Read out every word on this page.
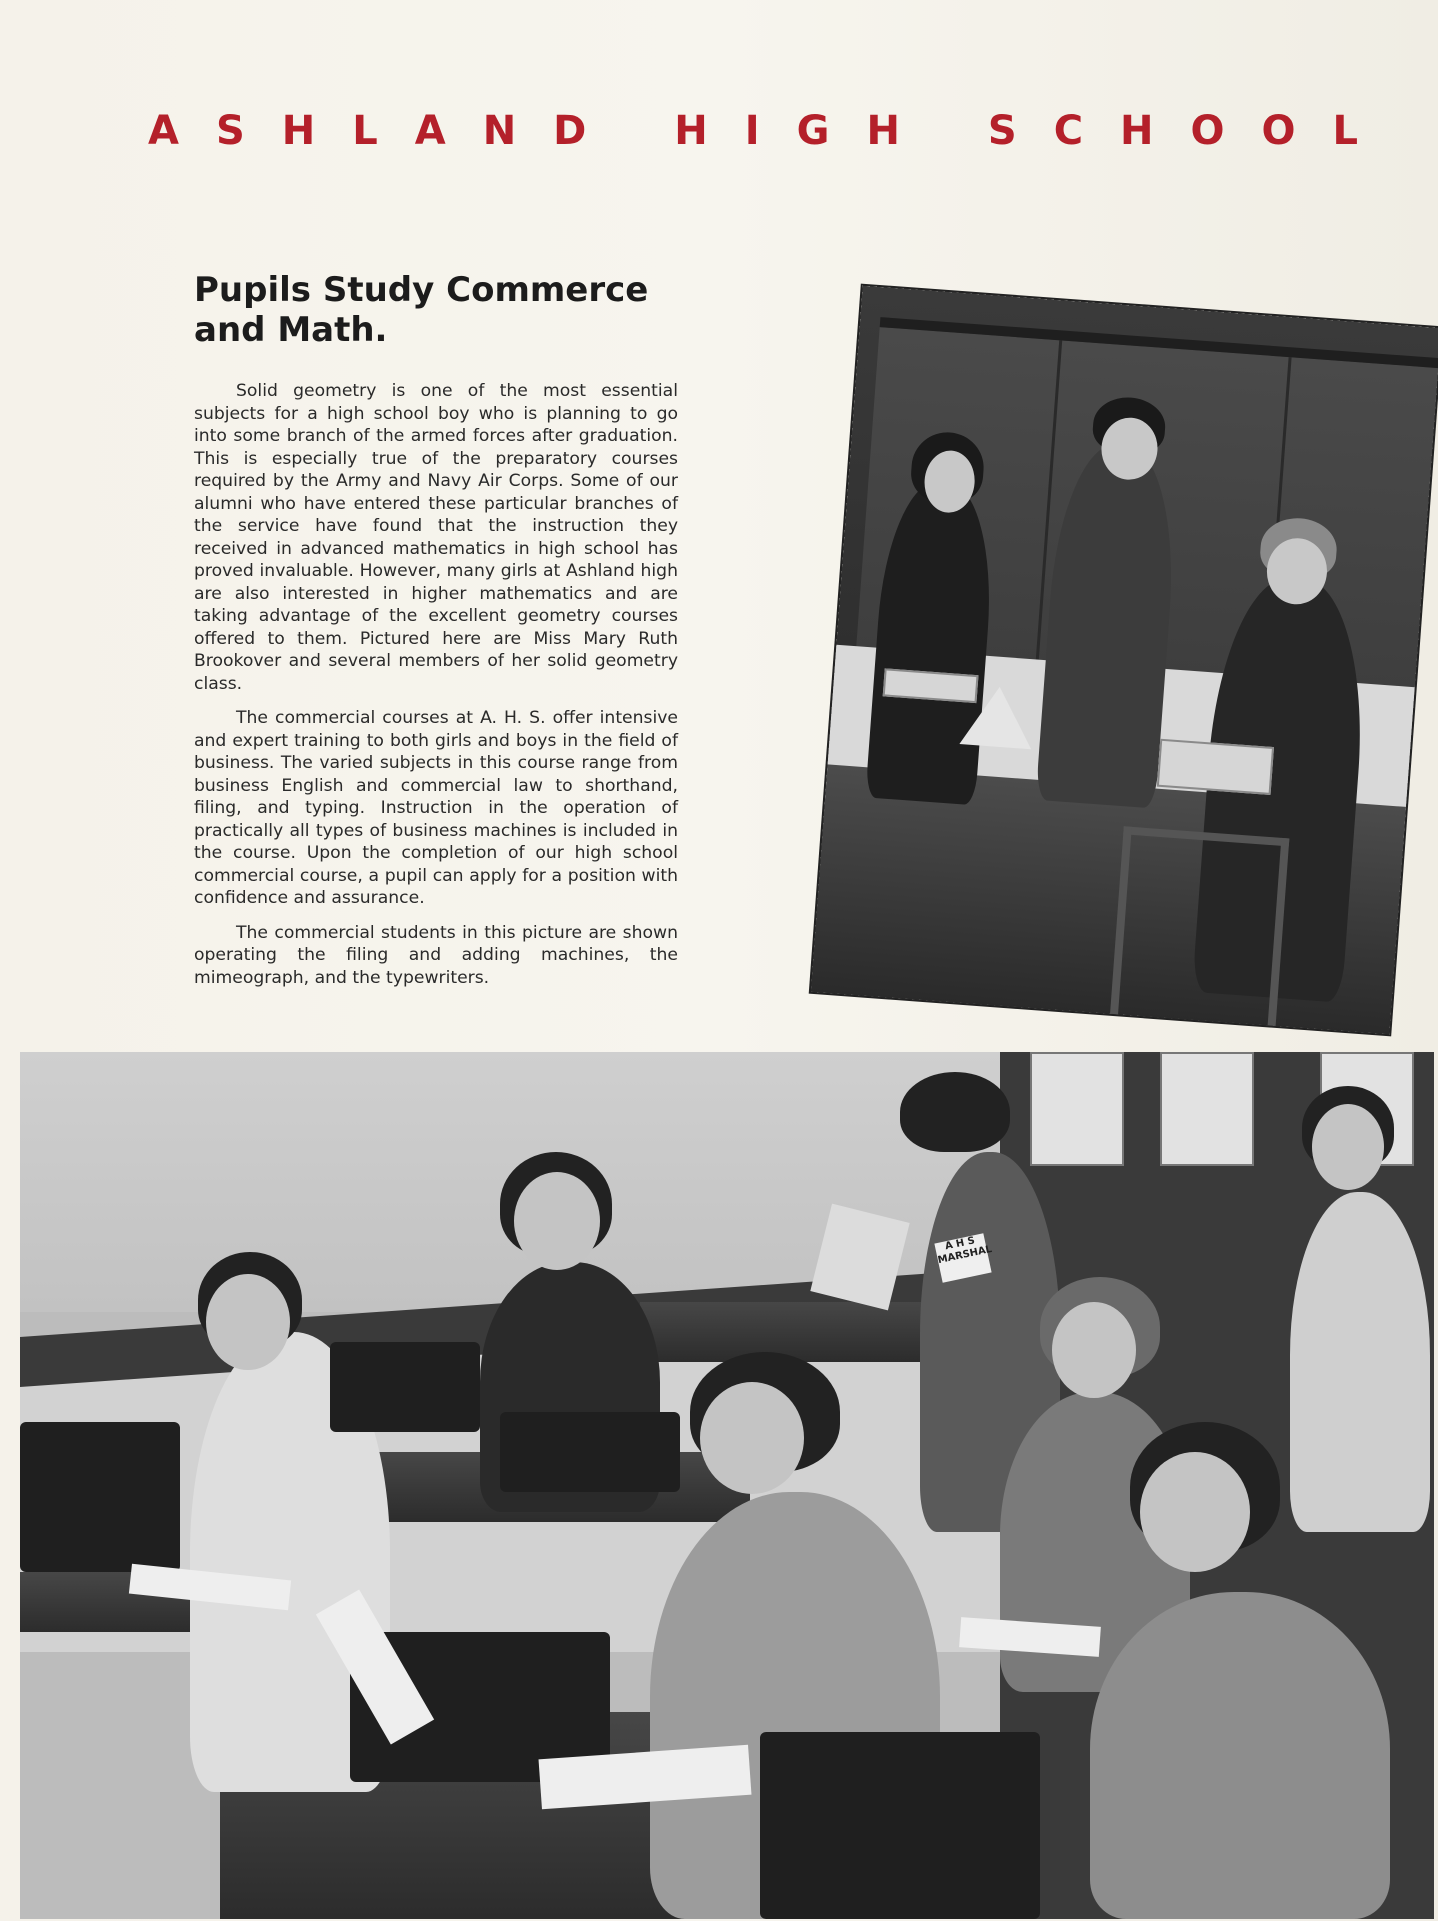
ASHLAND HIGH SCHOOL
Pupils Study Commerce
and Math.

Solid geometry is one of the most essential subjects for a high school boy who is planning to go into some branch of the armed forces after graduation. This is especially true of the preparatory courses required by the Army and Navy Air Corps. Some of our alumni who have entered these particular branches of the service have found that the instruction they received in advanced mathematics in high school has proved invaluable. However, many girls at Ashland high are also interested in higher mathematics and are taking advantage of the excellent geometry courses offered to them. Pictured here are Miss Mary Ruth Brookover and several members of her solid geometry class.

The commercial courses at A. H. S. offer intensive and expert training to both girls and boys in the field of business. The varied subjects in this course range from business English and commercial law to shorthand, filing, and typing. Instruction in the operation of practically all types of business machines is included in the course. Upon the completion of our high school commercial course, a pupil can apply for a position with confidence and assurance.

The commercial students in this picture are shown operating the filing and adding machines, the mimeograph, and the typewriters.

A H S MARSHAL
